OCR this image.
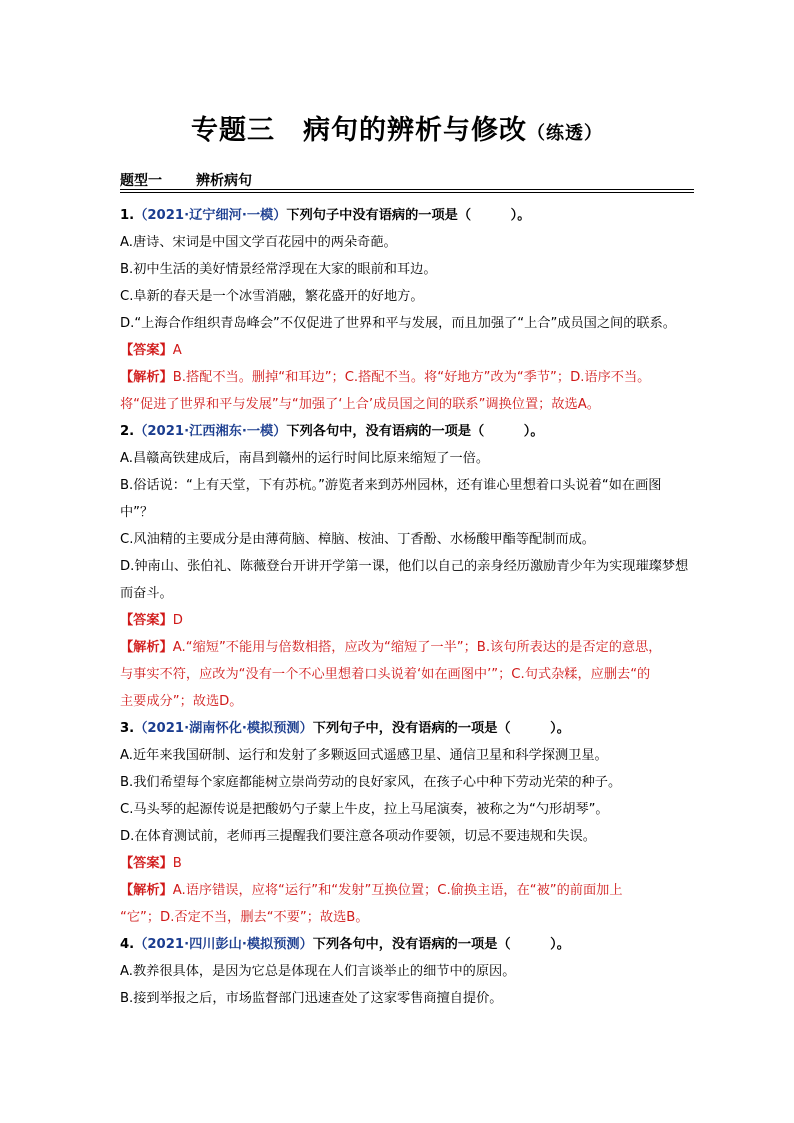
专题三　病句的辨析与修改（练透）
题型一 辨析病句
1.（2021·辽宁细河·一模）下列句子中没有语病的一项是（　　　）。
A.唐诗、宋词是中国文学百花园中的两朵奇葩。
B.初中生活的美好情景经常浮现在大家的眼前和耳边。
C.阜新的春天是一个冰雪消融，繁花盛开的好地方。
D.“上海合作组织青岛峰会”不仅促进了世界和平与发展，而且加强了“上合”成员国之间的联系。
【答案】A
【解析】B.搭配不当。删掉“和耳边”；C.搭配不当。将“好地方”改为“季节”；D.语序不当。
将“促进了世界和平与发展”与“加强了‘上合’成员国之间的联系”调换位置；故选A。
2.（2021·江西湘东·一模）下列各句中，没有语病的一项是（　　　）。
A.昌赣高铁建成后，南昌到赣州的运行时间比原来缩短了一倍。
B.俗话说：“上有天堂，下有苏杭。”游览者来到苏州园林，还有谁心里想着口头说着“如在画图
中”？
C.风油精的主要成分是由薄荷脑、樟脑、桉油、丁香酚、水杨酸甲酯等配制而成。
D.钟南山、张伯礼、陈薇登台开讲开学第一课，他们以自己的亲身经历激励青少年为实现璀璨梦想
而奋斗。
【答案】D
【解析】A.“缩短”不能用与倍数相搭，应改为“缩短了一半”；B.该句所表达的是否定的意思，
与事实不符，应改为“没有一个不心里想着口头说着‘如在画图中’”；C.句式杂糅，应删去“的
主要成分”；故选D。
3.（2021·湖南怀化·模拟预测）下列句子中，没有语病的一项是（　　　）。
A.近年来我国研制、运行和发射了多颗返回式遥感卫星、通信卫星和科学探测卫星。
B.我们希望每个家庭都能树立崇尚劳动的良好家风，在孩子心中种下劳动光荣的种子。
C.马头琴的起源传说是把酸奶勺子蒙上牛皮，拉上马尾演奏，被称之为“勺形胡琴”。
D.在体育测试前，老师再三提醒我们要注意各项动作要领，切忌不要违规和失误。
【答案】B
【解析】A.语序错误，应将“运行”和“发射”互换位置；C.偷换主语，在“被”的前面加上
“它”；D.否定不当，删去“不要”；故选B。
4.（2021·四川彭山·模拟预测）下列各句中，没有语病的一项是（　　　）。
A.教养很具体，是因为它总是体现在人们言谈举止的细节中的原因。
B.接到举报之后，市场监督部门迅速查处了这家零售商擅自提价。
